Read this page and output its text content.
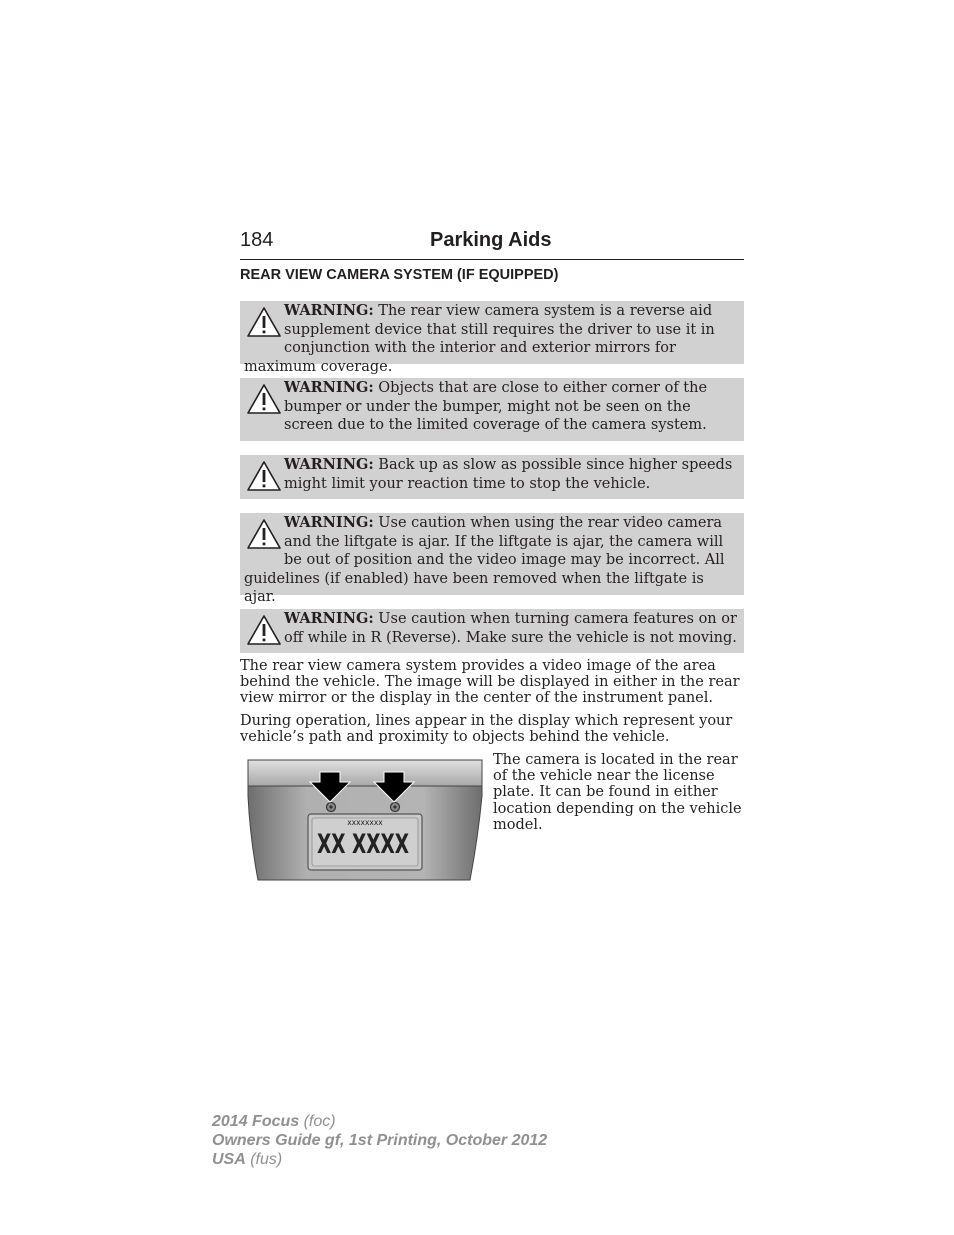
184	Parking Aids
REAR VIEW CAMERA SYSTEM (IF EQUIPPED)
WARNING: The rear view camera system is a reverse aid supplement device that still requires the driver to use it in conjunction with the interior and exterior mirrors for maximum coverage.
WARNING: Objects that are close to either corner of the bumper or under the bumper, might not be seen on the screen due to the limited coverage of the camera system.
WARNING: Back up as slow as possible since higher speeds might limit your reaction time to stop the vehicle.
WARNING: Use caution when using the rear video camera and the liftgate is ajar. If the liftgate is ajar, the camera will be out of position and the video image may be incorrect. All guidelines (if enabled) have been removed when the liftgate is ajar.
WARNING: Use caution when turning camera features on or off while in R (Reverse). Make sure the vehicle is not moving.
The rear view camera system provides a video image of the area behind the vehicle. The image will be displayed in either in the rear view mirror or the display in the center of the instrument panel.
During operation, lines appear in the display which represent your vehicle’s path and proximity to objects behind the vehicle.
xxxxxxxx
XX XXXX
The camera is located in the rear of the vehicle near the license plate. It can be found in either location depending on the vehicle model.
2014 Focus (foc)
Owners Guide gf, 1st Printing, October 2012
USA (fus)
